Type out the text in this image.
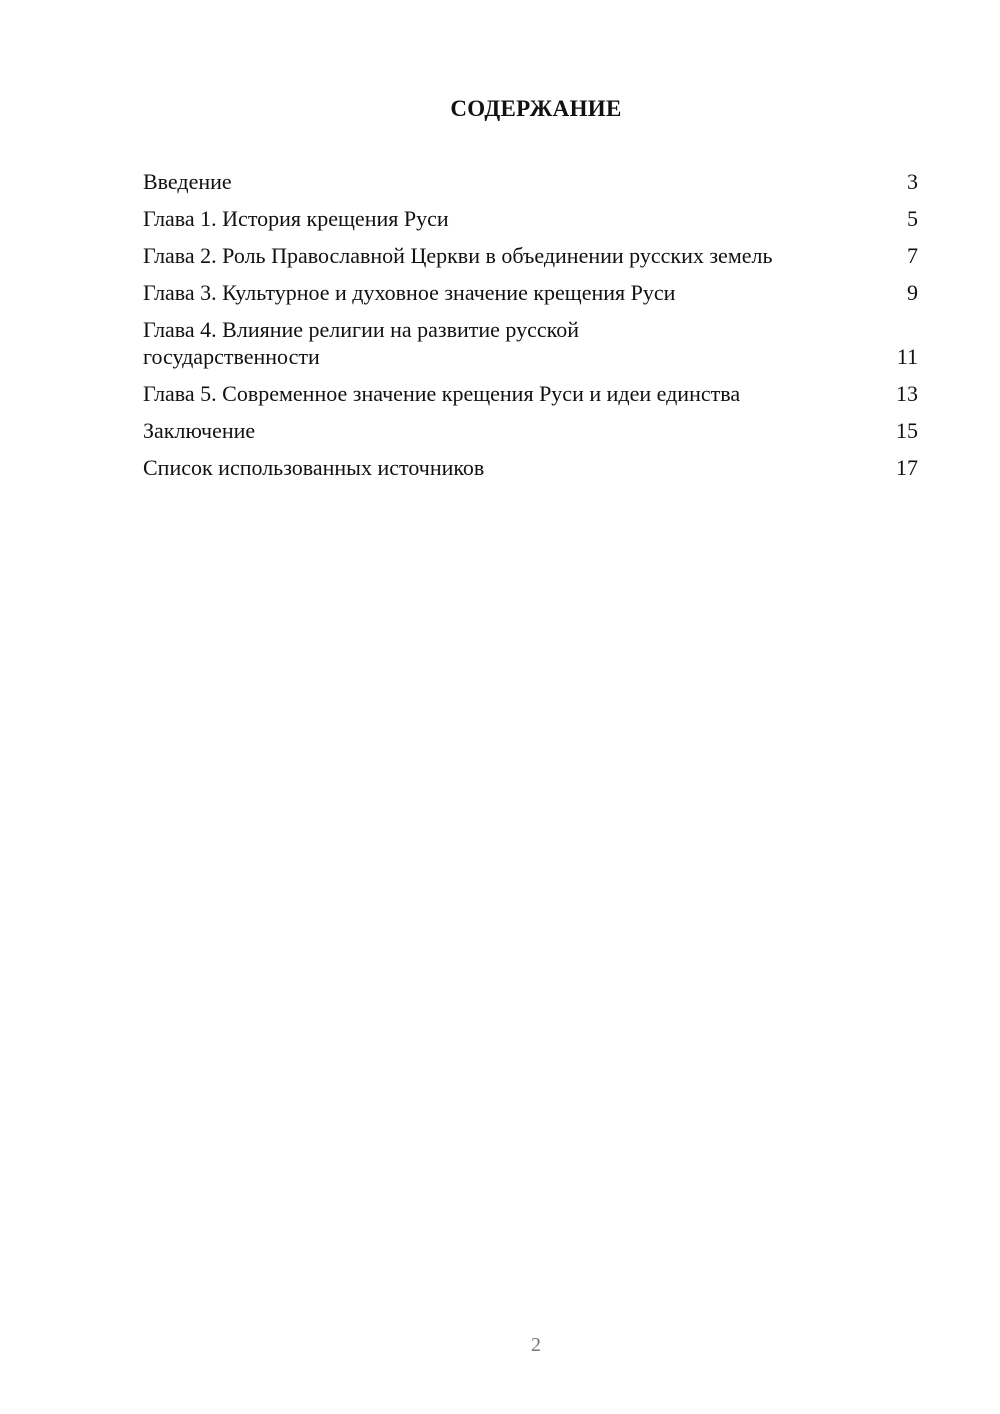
СОДЕРЖАНИЕ
Введение	3
Глава 1. История крещения Руси	5
Глава 2. Роль Православной Церкви в объединении русских земель	7
Глава 3. Культурное и духовное значение крещения Руси	9
Глава 4. Влияние религии на развитие русской государственности	11
Глава 5. Современное значение крещения Руси и идеи единства	13
Заключение	15
Список использованных источников	17
2
